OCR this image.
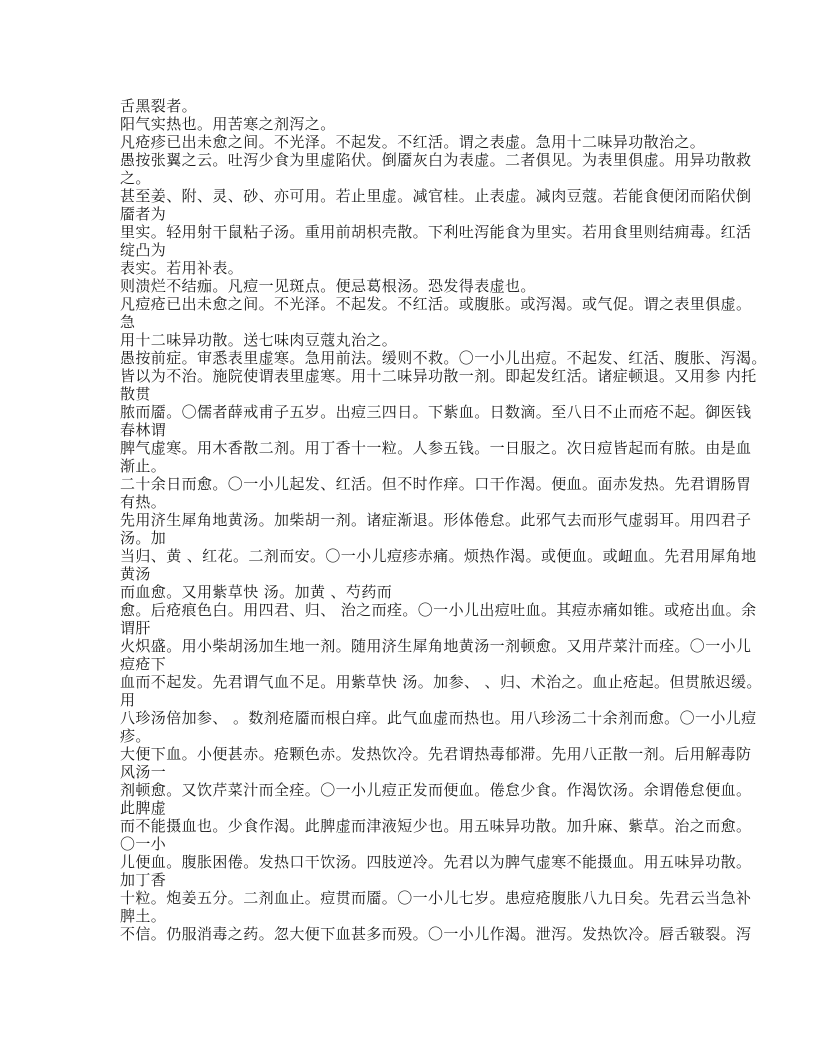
舌黑裂者。
阳气实热也。用苦寒之剂泻之。
凡疮疹已出未愈之间。不光泽。不起发。不红活。谓之表虚。急用十二味异功散治之。
愚按张翼之云。吐泻少食为里虚陷伏。倒靥灰白为表虚。二者俱见。为表里俱虚。用异功散救
之。
甚至姜、附、灵、砂、亦可用。若止里虚。减官桂。止表虚。减肉豆蔻。若能食便闭而陷伏倒
靥者为
里实。轻用射干鼠粘子汤。重用前胡枳壳散。下利吐泻能食为里实。若用食里则结痈毒。红活
绽凸为
表实。若用补表。
则溃烂不结痂。凡痘一见斑点。便忌葛根汤。恐发得表虚也。
凡痘疮已出未愈之间。不光泽。不起发。不红活。或腹胀。或泻渴。或气促。谓之表里俱虚。
急
用十二味异功散。送七味肉豆蔻丸治之。
愚按前症。审悉表里虚寒。急用前法。缓则不救。〇一小儿出痘。不起发、红活、腹胀、泻渴。
皆以为不治。施院使谓表里虚寒。用十二味异功散一剂。即起发红活。诸症顿退。又用参 内托
散贯
脓而靥。〇儒者薛戒甫子五岁。出痘三四日。下紫血。日数滴。至八日不止而疮不起。御医钱
春林谓
脾气虚寒。用木香散二剂。用丁香十一粒。人参五钱。一日服之。次日痘皆起而有脓。由是血
渐止。
二十余日而愈。〇一小儿起发、红活。但不时作痒。口干作渴。便血。面赤发热。先君谓肠胃
有热。
先用济生犀角地黄汤。加柴胡一剂。诸症渐退。形体倦怠。此邪气去而形气虚弱耳。用四君子
汤。加
当归、黄 、红花。二剂而安。〇一小儿痘疹赤痛。烦热作渴。或便血。或衄血。先君用犀角地
黄汤
而血愈。又用紫草快 汤。加黄 、芍药而
愈。后疮痕色白。用四君、归、 治之而痊。〇一小儿出痘吐血。其痘赤痛如锥。或疮出血。余
谓肝
火炽盛。用小柴胡汤加生地一剂。随用济生犀角地黄汤一剂顿愈。又用芹菜汁而痊。〇一小儿
痘疮下
血而不起发。先君谓气血不足。用紫草快 汤。加参、 、归、术治之。血止疮起。但贯脓迟缓。
用
八珍汤倍加参、 。数剂疮靥而根白痒。此气血虚而热也。用八珍汤二十余剂而愈。〇一小儿痘
疹。
大便下血。小便甚赤。疮颗色赤。发热饮冷。先君谓热毒郁滞。先用八正散一剂。后用解毒防
风汤一
剂顿愈。又饮芹菜汁而全痊。〇一小儿痘正发而便血。倦怠少食。作渴饮汤。余谓倦怠便血。
此脾虚
而不能摄血也。少食作渴。此脾虚而津液短少也。用五味异功散。加升麻、紫草。治之而愈。
〇一小
儿便血。腹胀困倦。发热口干饮汤。四肢逆冷。先君以为脾气虚寒不能摄血。用五味异功散。
加丁香
十粒。炮姜五分。二剂血止。痘贯而靥。〇一小儿七岁。患痘疮腹胀八九日矣。先君云当急补
脾土。
不信。仍服消毒之药。忽大便下血甚多而殁。〇一小儿作渴。泄泻。发热饮冷。唇舌皲裂。泻
